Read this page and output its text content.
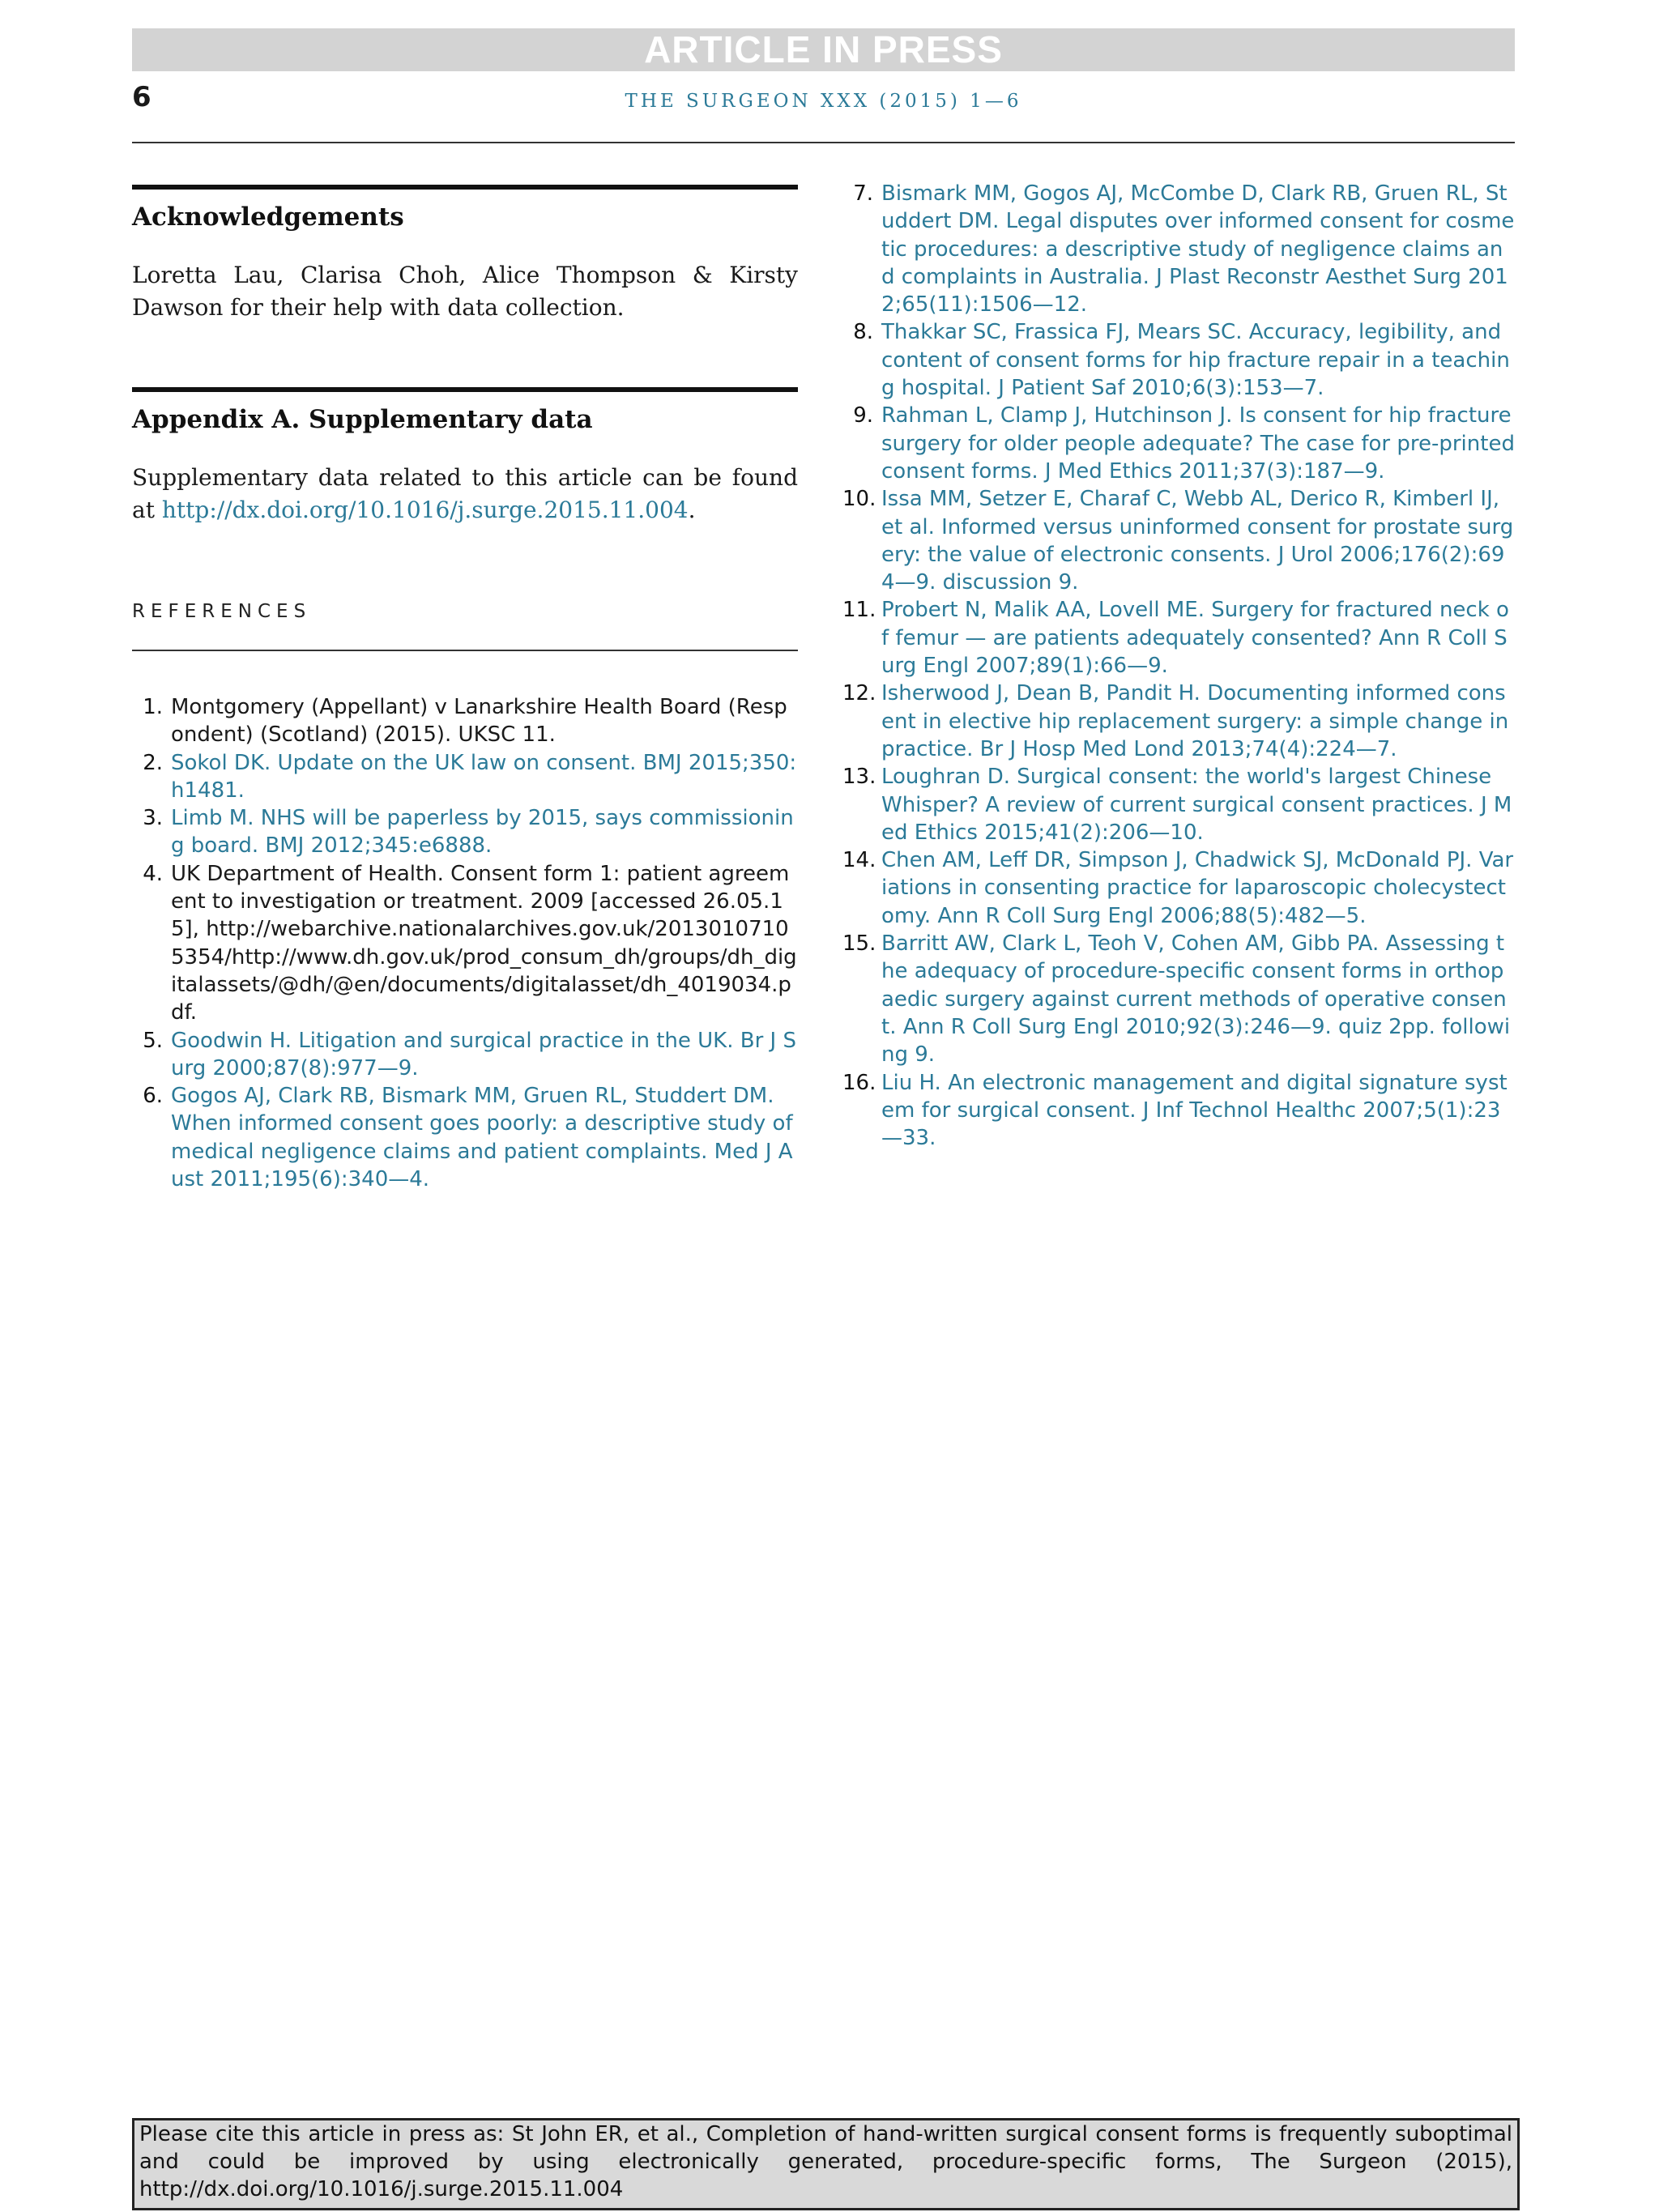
ARTICLE IN PRESS
6	THE SURGEON XXX (2015) 1—6
Acknowledgements

Loretta Lau, Clarisa Choh, Alice Thompson & Kirsty Dawson for their help with data collection.

Appendix A. Supplementary data

Supplementary data related to this article can be found at http://dx.doi.org/10.1016/j.surge.2015.11.004.

REFERENCES
1. Montgomery (Appellant) v Lanarkshire Health Board (Respondent) (Scotland) (2015). UKSC 11.
2. Sokol DK. Update on the UK law on consent. BMJ 2015;350:h1481.
3. Limb M. NHS will be paperless by 2015, says commissioning board. BMJ 2012;345:e6888.
4. UK Department of Health. Consent form 1: patient agreement to investigation or treatment. 2009 [accessed 26.05.15], http://webarchive.nationalarchives.gov.uk/20130107105354/http://www.dh.gov.uk/prod_consum_dh/groups/dh_digitalassets/@dh/@en/documents/digitalasset/dh_4019034.pdf.
5. Goodwin H. Litigation and surgical practice in the UK. Br J Surg 2000;87(8):977—9.
6. Gogos AJ, Clark RB, Bismark MM, Gruen RL, Studdert DM. When informed consent goes poorly: a descriptive study of medical negligence claims and patient complaints. Med J Aust 2011;195(6):340—4.
7. Bismark MM, Gogos AJ, McCombe D, Clark RB, Gruen RL, Studdert DM. Legal disputes over informed consent for cosmetic procedures: a descriptive study of negligence claims and complaints in Australia. J Plast Reconstr Aesthet Surg 2012;65(11):1506—12.
8. Thakkar SC, Frassica FJ, Mears SC. Accuracy, legibility, and content of consent forms for hip fracture repair in a teaching hospital. J Patient Saf 2010;6(3):153—7.
9. Rahman L, Clamp J, Hutchinson J. Is consent for hip fracture surgery for older people adequate? The case for pre-printed consent forms. J Med Ethics 2011;37(3):187—9.
10. Issa MM, Setzer E, Charaf C, Webb AL, Derico R, Kimberl IJ, et al. Informed versus uninformed consent for prostate surgery: the value of electronic consents. J Urol 2006;176(2):694—9. discussion 9.
11. Probert N, Malik AA, Lovell ME. Surgery for fractured neck of femur — are patients adequately consented? Ann R Coll Surg Engl 2007;89(1):66—9.
12. Isherwood J, Dean B, Pandit H. Documenting informed consent in elective hip replacement surgery: a simple change in practice. Br J Hosp Med Lond 2013;74(4):224—7.
13. Loughran D. Surgical consent: the world's largest Chinese Whisper? A review of current surgical consent practices. J Med Ethics 2015;41(2):206—10.
14. Chen AM, Leff DR, Simpson J, Chadwick SJ, McDonald PJ. Variations in consenting practice for laparoscopic cholecystectomy. Ann R Coll Surg Engl 2006;88(5):482—5.
15. Barritt AW, Clark L, Teoh V, Cohen AM, Gibb PA. Assessing the adequacy of procedure-specific consent forms in orthopaedic surgery against current methods of operative consent. Ann R Coll Surg Engl 2010;92(3):246—9. quiz 2pp. following 9.
16. Liu H. An electronic management and digital signature system for surgical consent. J Inf Technol Healthc 2007;5(1):23—33.
Please cite this article in press as: St John ER, et al., Completion of hand-written surgical consent forms is frequently suboptimal and could be improved by using electronically generated, procedure-specific forms, The Surgeon (2015), http://dx.doi.org/10.1016/j.surge.2015.11.004
